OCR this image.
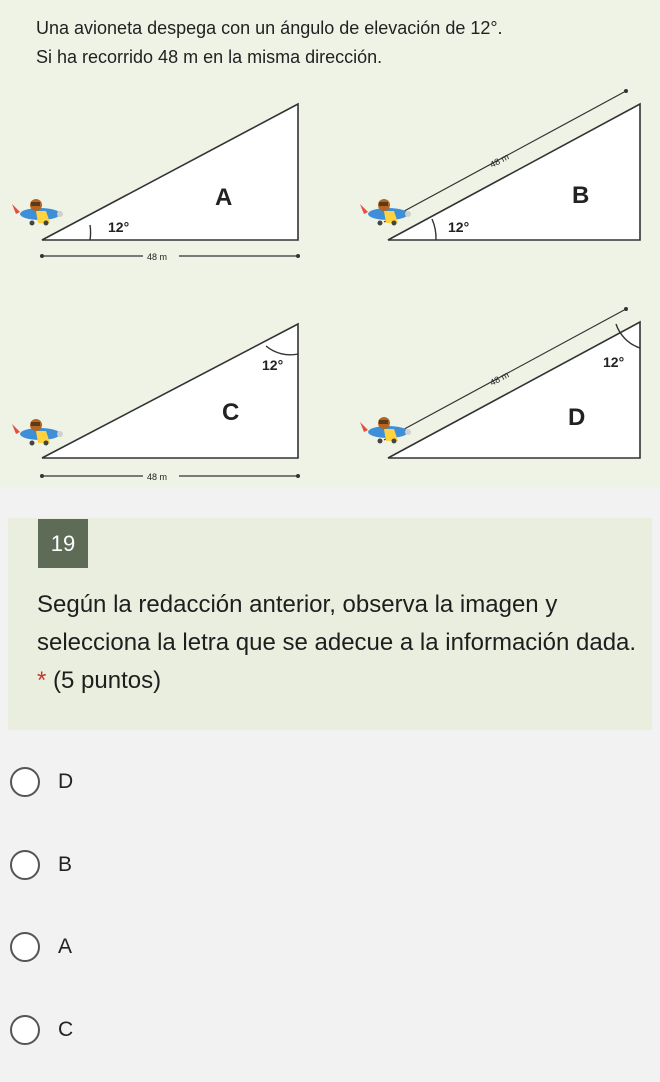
Una avioneta despega con un ángulo de elevación de 12°.

Si ha recorrido 48 m en la misma dirección.

12°
A
48 m
12°
B
48 m
12°
C
48 m
12°
D
48 m
19
Según la redacción anterior, observa la imagen y selecciona la letra que se adecue a la información dada. * (5 puntos)
D
B
A
C
